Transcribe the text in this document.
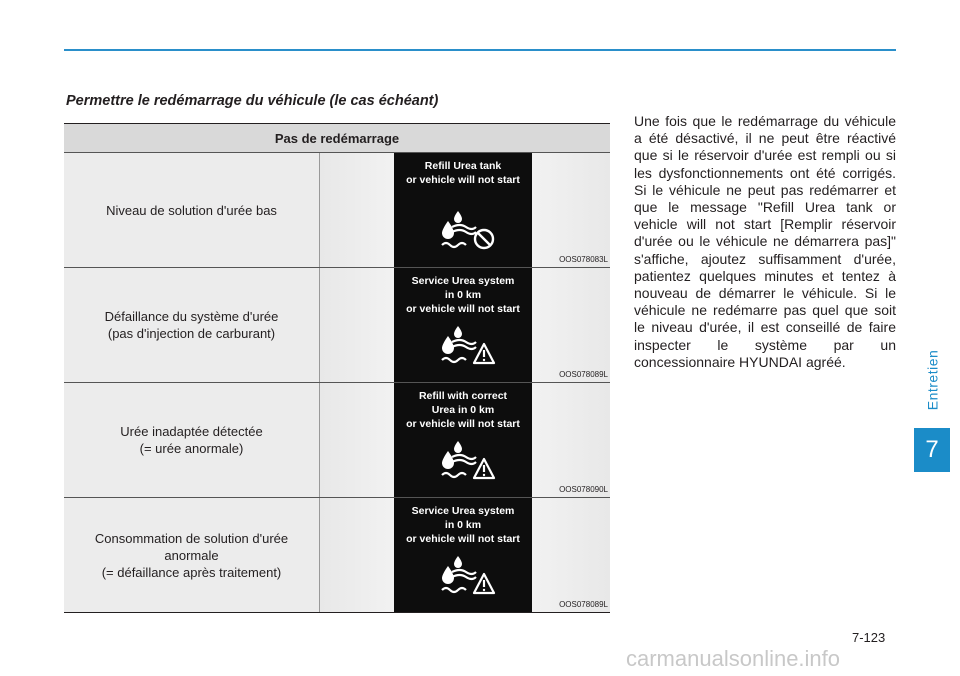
Entretien
7
Permettre le redémarrage du véhicule (le cas échéant)
Pas de redémarrage
Niveau de solution d'urée bas
Refill Urea tank
or vehicle will not start
OOS078083L
Défaillance du système d'urée
(pas d'injection de carburant)
Service Urea system
in 0 km
or vehicle will not start
OOS078089L
Urée inadaptée détectée
(= urée anormale)
Refill with correct
Urea in 0 km
or vehicle will not start
OOS078090L
Consommation de solution d'urée
anormale
(= défaillance après traitement)
Service Urea system
in 0 km
or vehicle will not start
OOS078089L
Une fois que le redémarrage du véhicule a été désactivé, il ne peut être réactivé que si le réservoir d'urée est rempli ou si les dysfonctionnements ont été corrigés. Si le véhicule ne peut pas redémarrer et que le message "Refill Urea tank or vehicle will not start [Remplir réservoir d'urée ou le véhicule ne démarrera pas]" s'affiche, ajoutez suffisamment d'urée, patientez quelques minutes et tentez à nouveau de démarrer le véhicule. Si le véhicule ne redémarre pas quel que soit le niveau d'urée, il est conseillé de faire inspecter le système par un concessionnaire HYUNDAI agréé.
7-123
carmanualsonline.info
